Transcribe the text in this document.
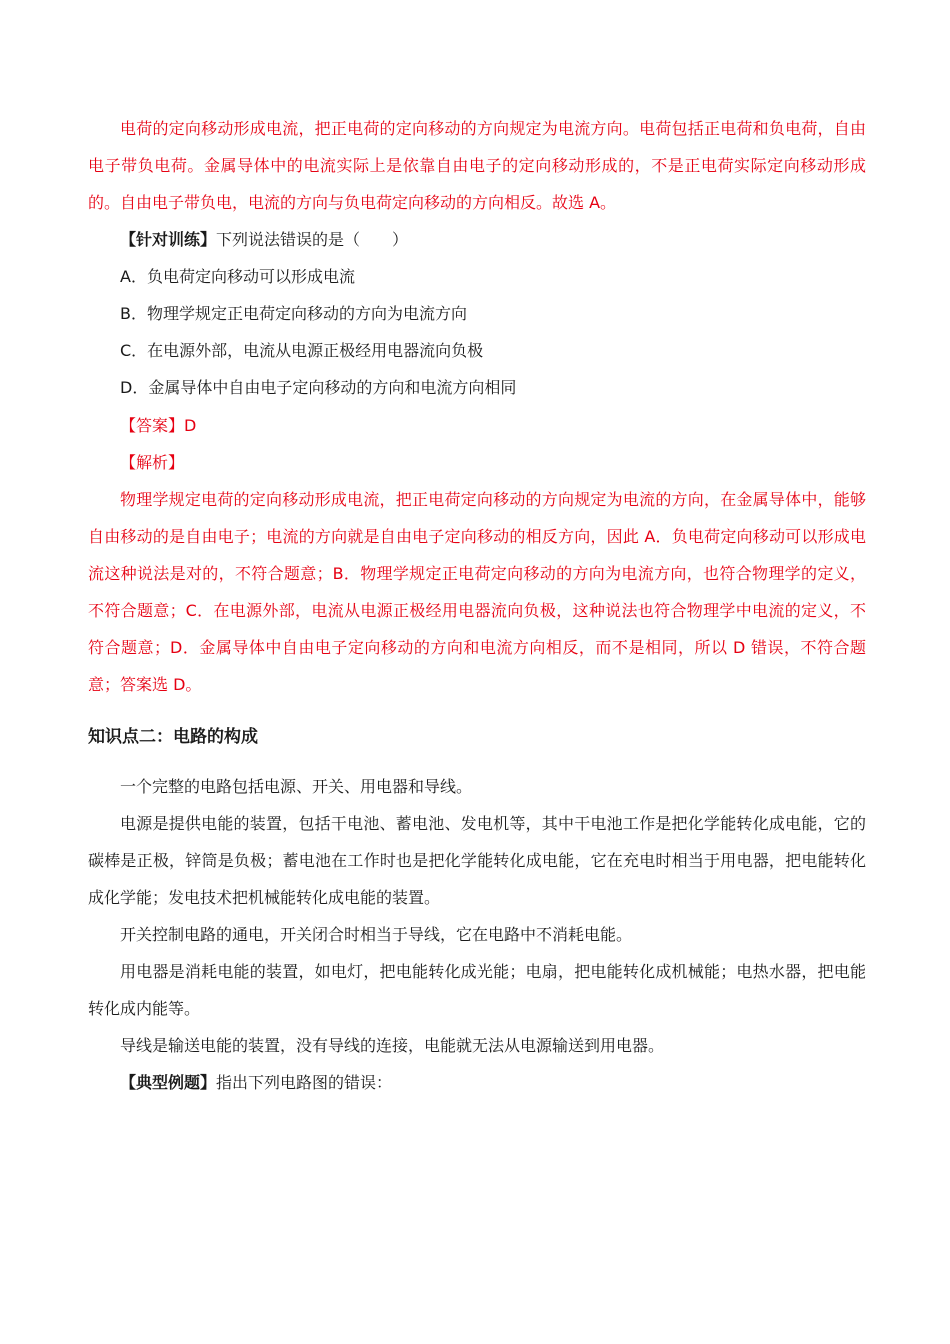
电荷的定向移动形成电流，把正电荷的定向移动的方向规定为电流方向。电荷包括正电荷和负电荷，自由电子带负电荷。金属导体中的电流实际上是依靠自由电子的定向移动形成的，不是正电荷实际定向移动形成的。自由电子带负电，电流的方向与负电荷定向移动的方向相反。故选 A。

【针对训练】下列说法错误的是（　　）

A．负电荷定向移动可以形成电流

B．物理学规定正电荷定向移动的方向为电流方向

C．在电源外部，电流从电源正极经用电器流向负极

D．金属导体中自由电子定向移动的方向和电流方向相同

【答案】D

【解析】

物理学规定电荷的定向移动形成电流，把正电荷定向移动的方向规定为电流的方向，在金属导体中，能够自由移动的是自由电子；电流的方向就是自由电子定向移动的相反方向，因此 A．负电荷定向移动可以形成电流这种说法是对的，不符合题意；B．物理学规定正电荷定向移动的方向为电流方向，也符合物理学的定义，不符合题意；C．在电源外部，电流从电源正极经用电器流向负极，这种说法也符合物理学中电流的定义，不符合题意；D．金属导体中自由电子定向移动的方向和电流方向相反，而不是相同，所以 D 错误，不符合题意；答案选 D。

知识点二：电路的构成

一个完整的电路包括电源、开关、用电器和导线。

电源是提供电能的装置，包括干电池、蓄电池、发电机等，其中干电池工作是把化学能转化成电能，它的碳棒是正极，锌筒是负极；蓄电池在工作时也是把化学能转化成电能，它在充电时相当于用电器，把电能转化成化学能；发电技术把机械能转化成电能的装置。

开关控制电路的通电，开关闭合时相当于导线，它在电路中不消耗电能。

用电器是消耗电能的装置，如电灯，把电能转化成光能；电扇，把电能转化成机械能；电热水器，把电能转化成内能等。

导线是输送电能的装置，没有导线的连接，电能就无法从电源输送到用电器。

【典型例题】指出下列电路图的错误：
